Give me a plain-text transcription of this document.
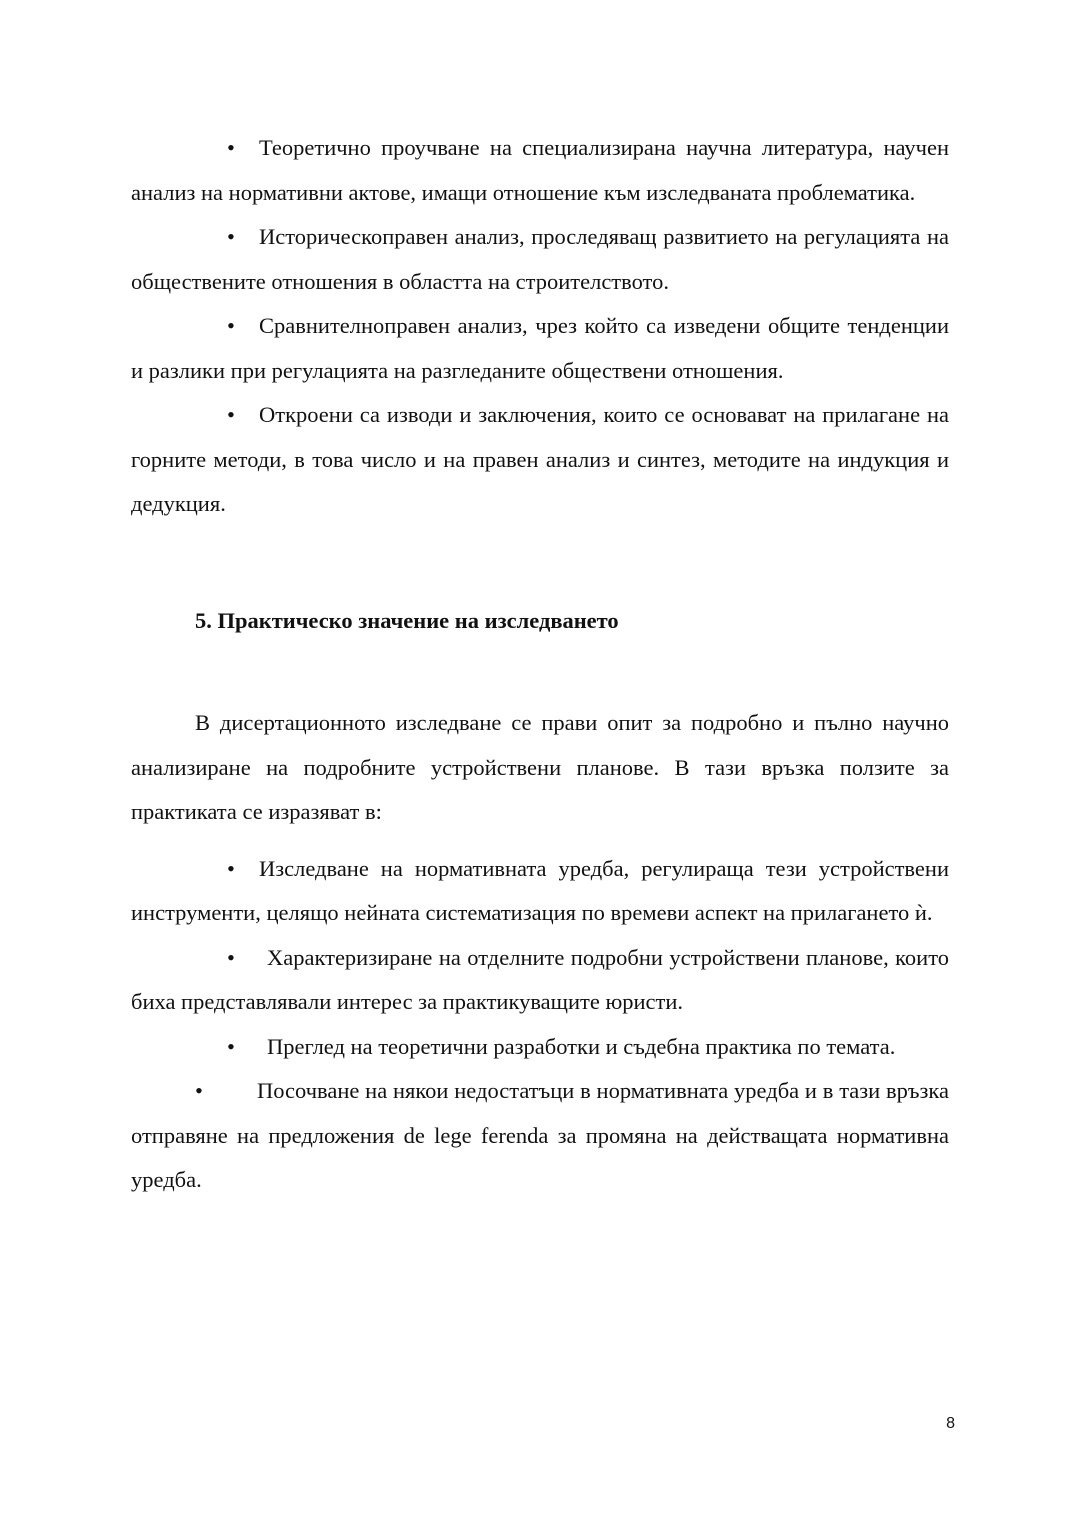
• Теоретично проучване на специализирана научна литература, научен анализ на нормативни актове, имащи отношение към изследваната проблематика.

• Историческоправен анализ, проследяващ развитието на регулацията на обществените отношения в областта на строителството.

• Сравнителноправен анализ, чрез който са изведени общите тенденции и разлики при регулацията на разгледаните обществени отношения.

• Откроени са изводи и заключения, които се основават на прилагане на горните методи, в това число и на правен анализ и синтез, методите на индукция и дедукция.

5. Практическо значение на изследването

В дисертационното изследване се прави опит за подробно и пълно научно анализиране на подробните устройствени планове. В тази връзка ползите за практиката се изразяват в:

• Изследване на нормативната уредба, регулираща тези устройствени инструменти, целящо нейната систематизация по времеви аспект на прилагането ѝ.

• Характеризиране на отделните подробни устройствени планове, които биха представлявали интерес за практикуващите юристи.

• Преглед на теоретични разработки и съдебна практика по темата.

• Посочване на някои недостатъци в нормативната уредба и в тази връзка отправяне на предложения de lege ferenda за промяна на действащата нормативна уредба.

8
